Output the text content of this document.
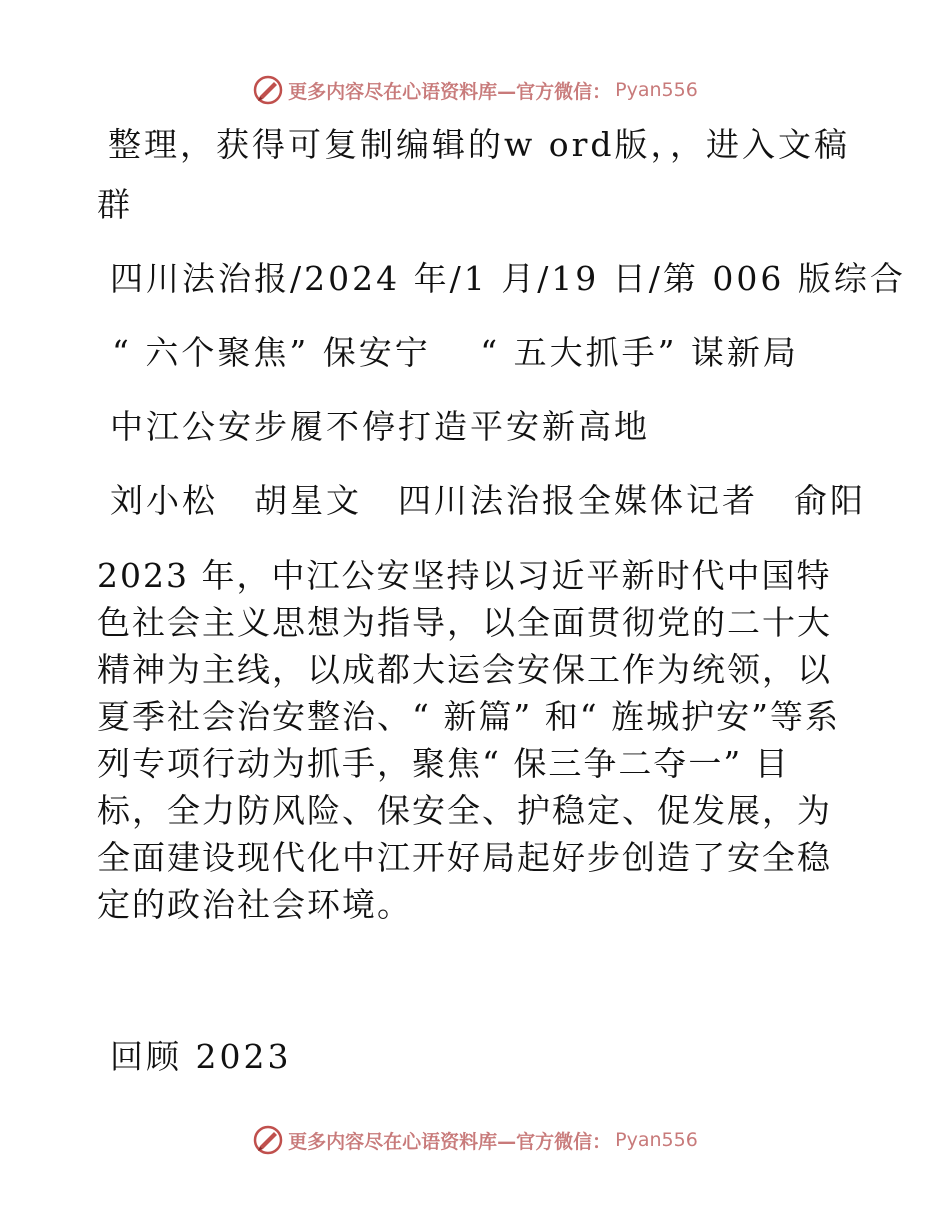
更多内容尽在心语资料库—官方微信： Pyan556
整理，获得可复制编辑的w ord版，，进入文稿
群
四川法治报/2024 年/1 月/19 日/第 006 版综合
“ 六个聚焦” 保安宁　 “ 五大抓手” 谋新局
中江公安步履不停打造平安新高地
刘小松　胡星文　四川法治报全媒体记者　俞阳

2023 年，中江公安坚持以习近平新时代中国特色社会主义思想为指导，以全面贯彻党的二十大精神为主线，以成都大运会安保工作为统领，以夏季社会治安整治、“ 新篇” 和“ 旌城护安”等系列专项行动为抓手，聚焦“ 保三争二夺一” 目标，全力防风险、保安全、护稳定、促发展，为全面建设现代化中江开好局起好步创造了安全稳定的政治社会环境。

回顾 2023
更多内容尽在心语资料库—官方微信： Pyan556
